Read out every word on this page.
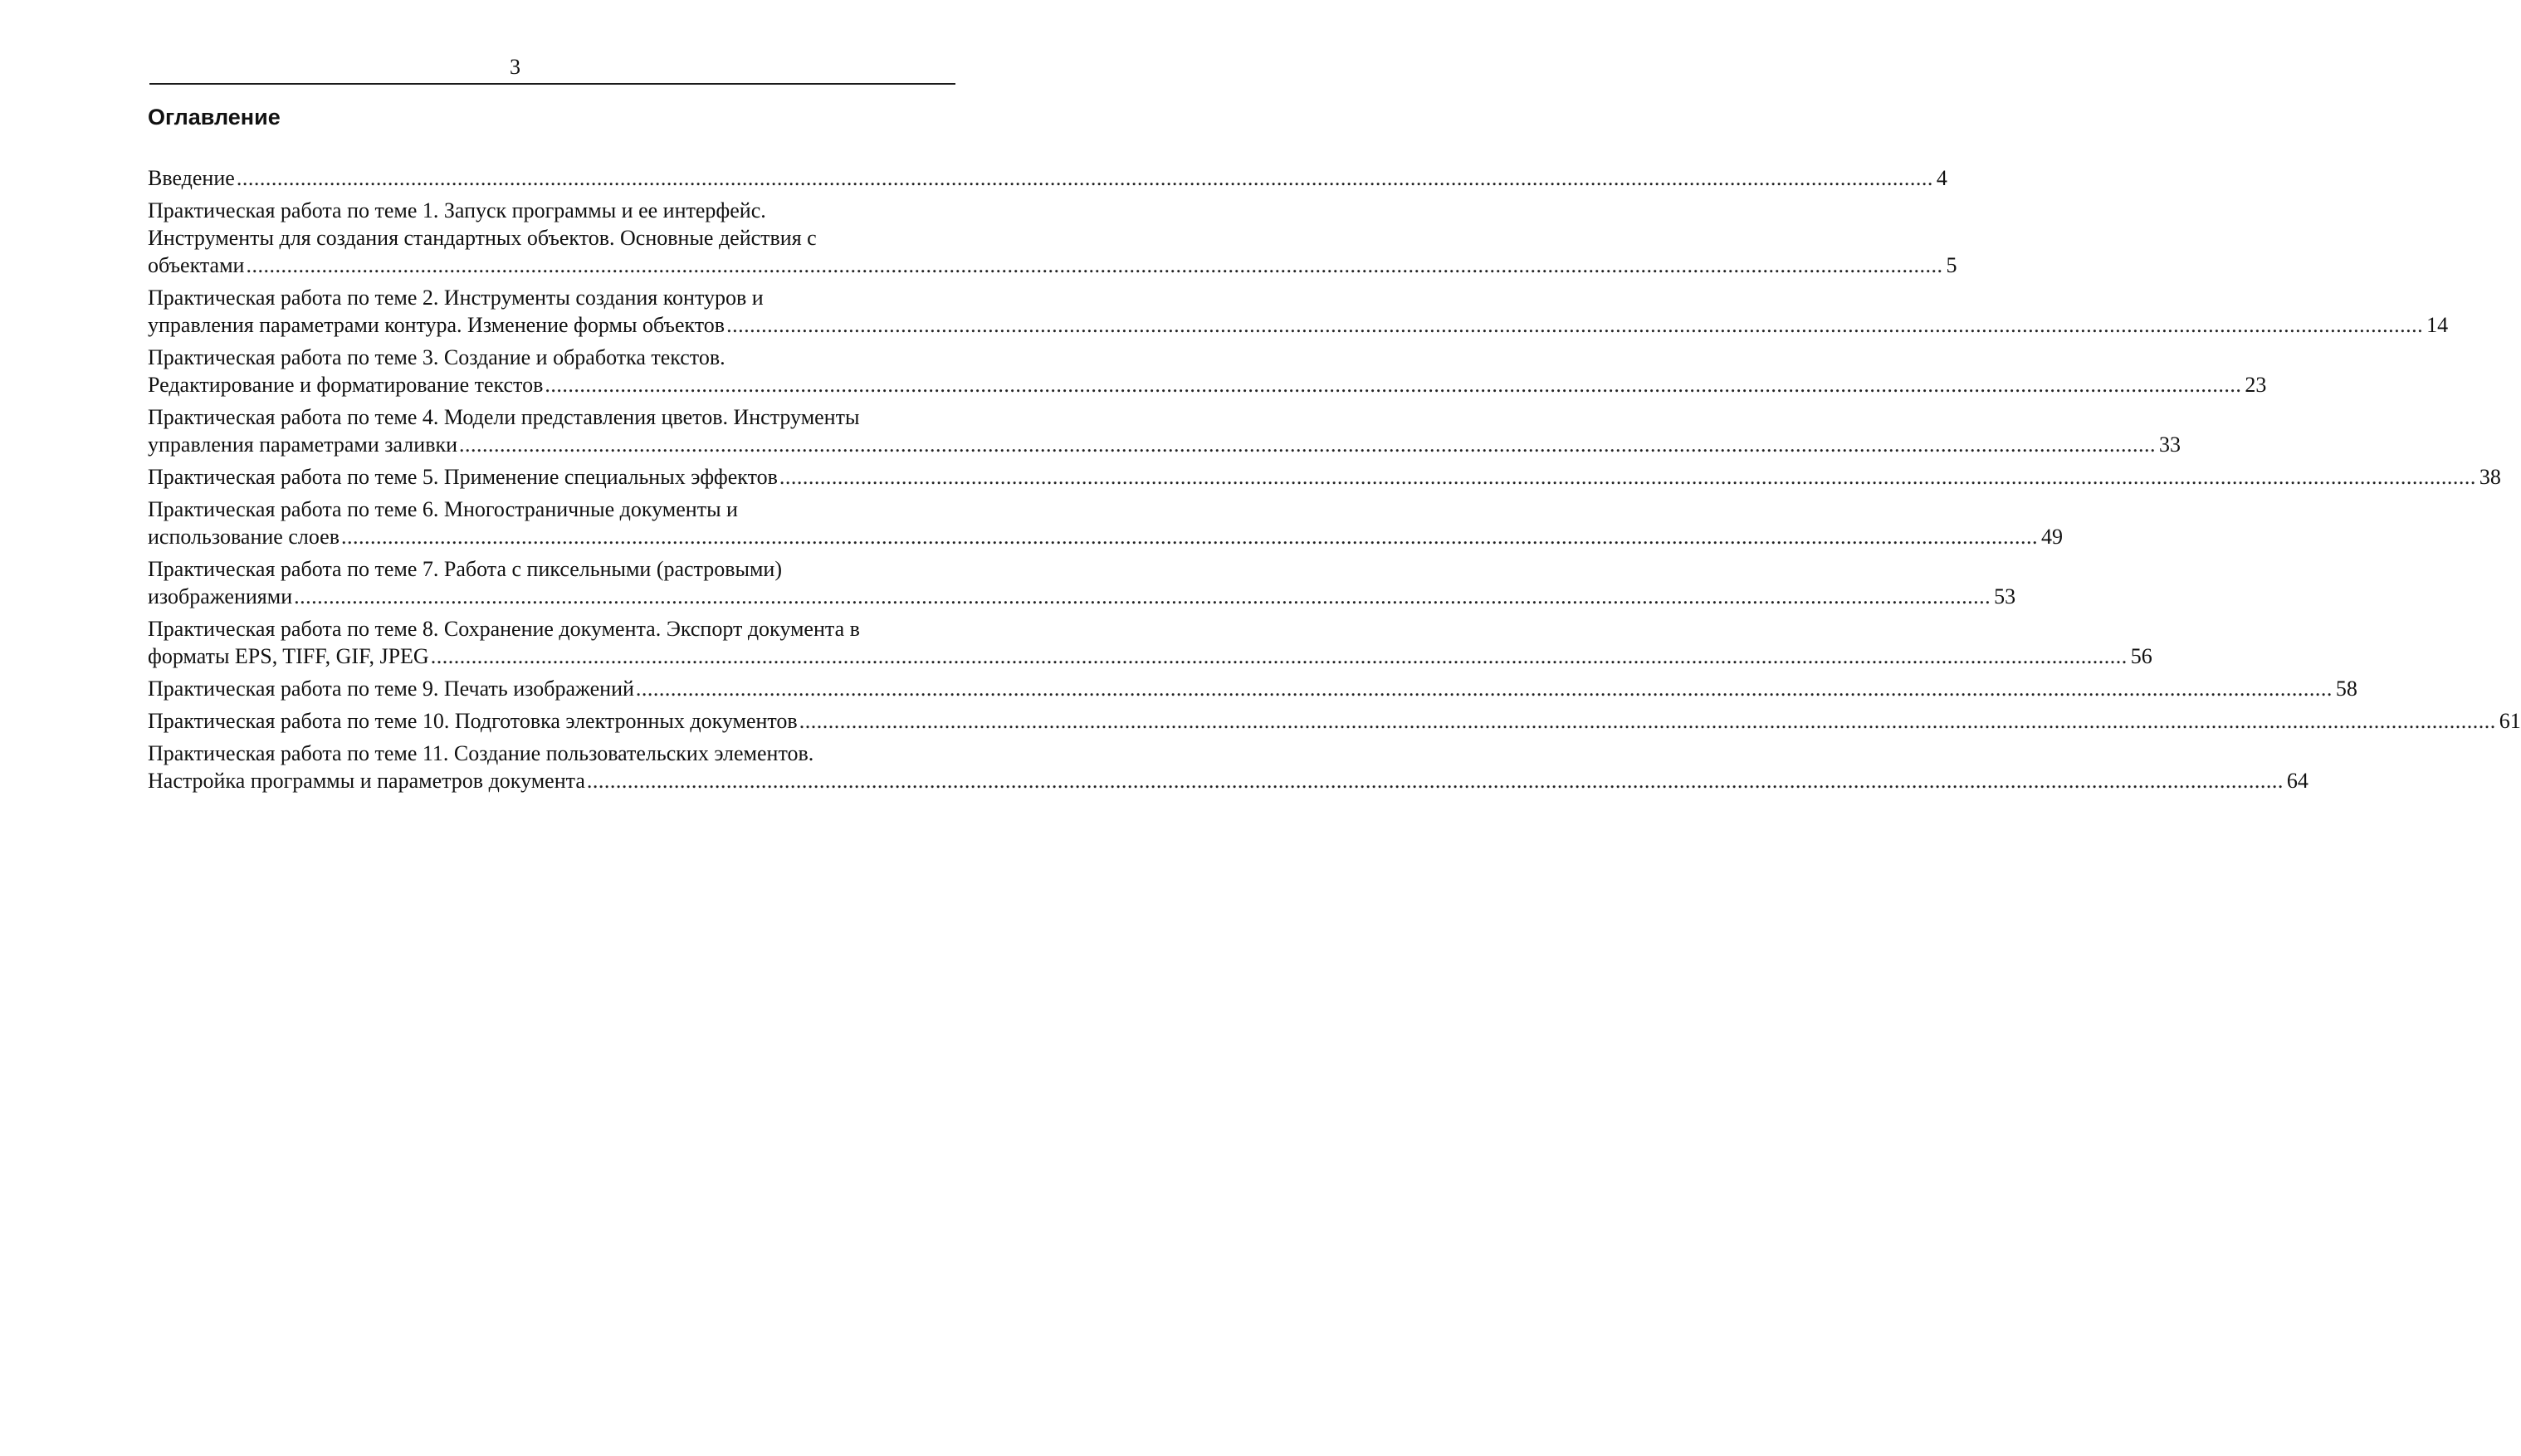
3
Оглавление
Введение .................................................................................................................................................................................................................................................................................................... 4
Практическая работа по теме 1. Запуск программы и ее интерфейс.
Инструменты для создания стандартных объектов. Основные действия с
объектами .................................................................................................................................................................................................................................................................................................... 5
Практическая работа по теме 2. Инструменты создания контуров и
управления параметрами контура. Изменение формы объектов .................................................................................................................................................................................................................................................................................................... 14
Практическая работа по теме 3. Создание и обработка текстов.
Редактирование и форматирование текстов .................................................................................................................................................................................................................................................................................................... 23
Практическая работа по теме 4. Модели представления цветов. Инструменты
управления параметрами заливки .................................................................................................................................................................................................................................................................................................... 33
Практическая работа по теме 5. Применение специальных эффектов .................................................................................................................................................................................................................................................................................................... 38
Практическая работа по теме 6. Многостраничные документы и
использование слоев .................................................................................................................................................................................................................................................................................................... 49
Практическая работа по теме 7. Работа с пиксельными (растровыми)
изображениями .................................................................................................................................................................................................................................................................................................... 53
Практическая работа по теме 8. Сохранение документа. Экспорт документа в
форматы EPS, TIFF, GIF, JPEG .................................................................................................................................................................................................................................................................................................... 56
Практическая работа по теме 9. Печать изображений .................................................................................................................................................................................................................................................................................................... 58
Практическая работа по теме 10. Подготовка электронных документов .................................................................................................................................................................................................................................................................................................... 61
Практическая работа по теме 11. Создание пользовательских элементов.
Настройка программы и параметров документа .................................................................................................................................................................................................................................................................................................... 64
